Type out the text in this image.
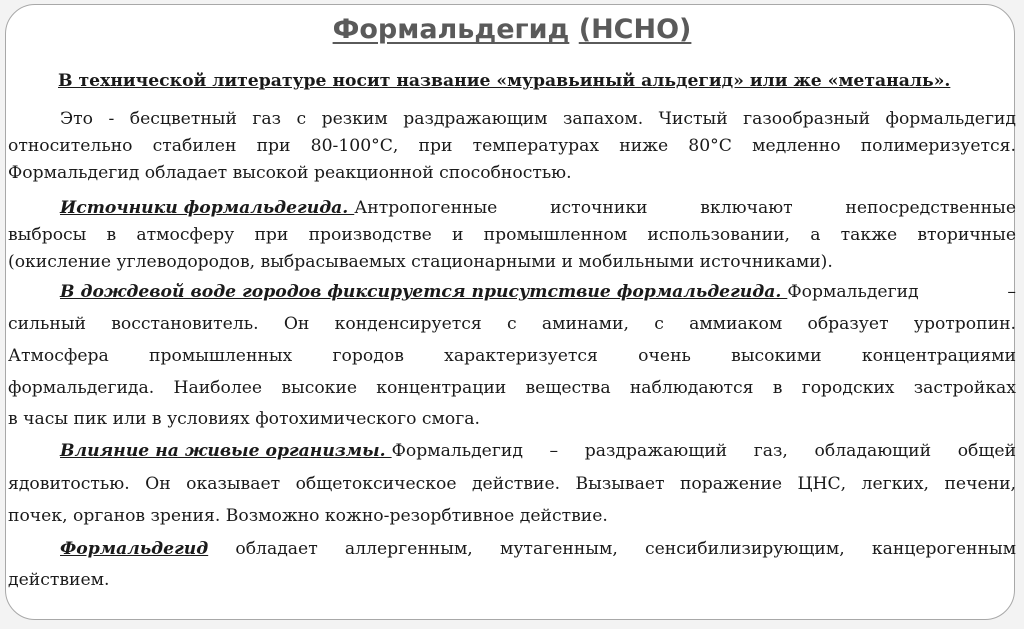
Формальдегид (НСНО)
В технической литературе носит название «муравьиный альдегид» или же «метаналь».
Это - бесцветный газ с резким раздражающим запахом. Чистый газообразный формальдегид
относительно стабилен при 80-100°С, при температурах ниже 80°С медленно полимеризуется.
Формальдегид обладает высокой реакционной способностью.
Источники формальдегида. Антропогенные источники включают непосредственные
выбросы в атмосферу при производстве и промышленном использовании, а также вторичные
(окисление углеводородов, выбрасываемых стационарными и мобильными источниками).
В дождевой воде городов фиксируется присутствие формальдегида. Формальдегид –
сильный восстановитель. Он конденсируется с аминами, с аммиаком образует уротропин.
Атмосфера промышленных городов характеризуется очень высокими концентрациями
формальдегида. Наиболее высокие концентрации вещества наблюдаются в городских застройках
в часы пик или в условиях фотохимического смога.
Влияние на живые организмы. Формальдегид – раздражающий газ, обладающий общей
ядовитостью. Он оказывает общетоксическое действие. Вызывает поражение ЦНС, легких, печени,
почек, органов зрения. Возможно кожно-резорбтивное действие.
Формальдегид обладает аллергенным, мутагенным, сенсибилизирующим, канцерогенным
действием.
